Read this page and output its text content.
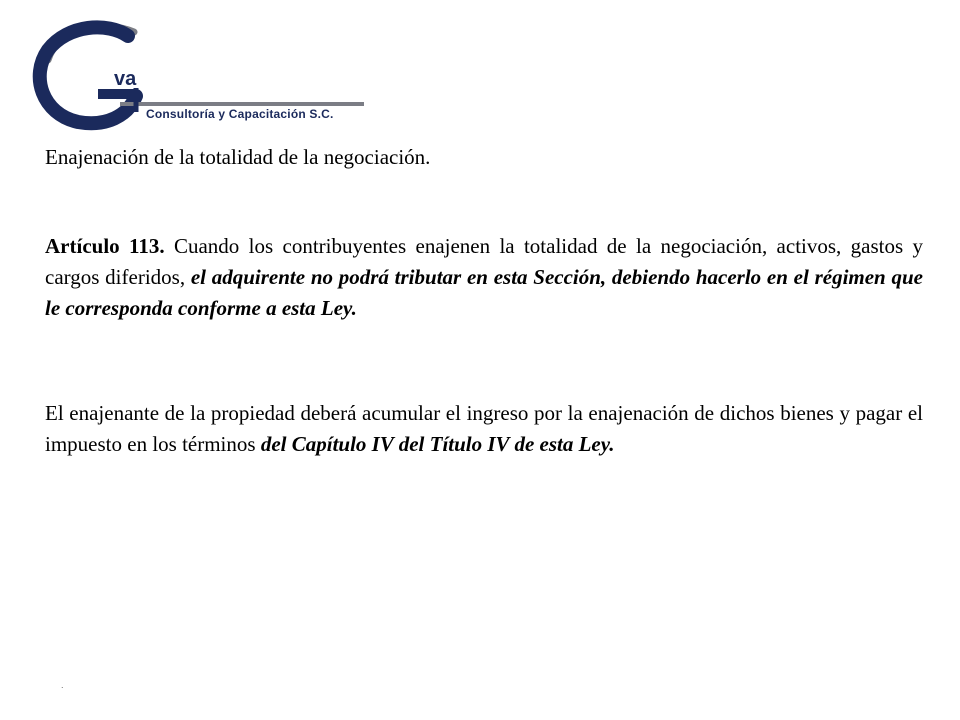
va
Consultoría y Capacitación S.C.
Enajenación de la totalidad de la negociación.
Artículo 113. Cuando los contribuyentes enajenen la totalidad de la negociación, activos, gastos y cargos diferidos, el adquirente no podrá tributar en esta Sección, debiendo hacerlo en el régimen que le corresponda conforme a esta Ley.
El enajenante de la propiedad deberá acumular el ingreso por la enajenación de dichos bienes y pagar el impuesto en los términos del Capítulo IV del Título IV de esta Ley.
.
